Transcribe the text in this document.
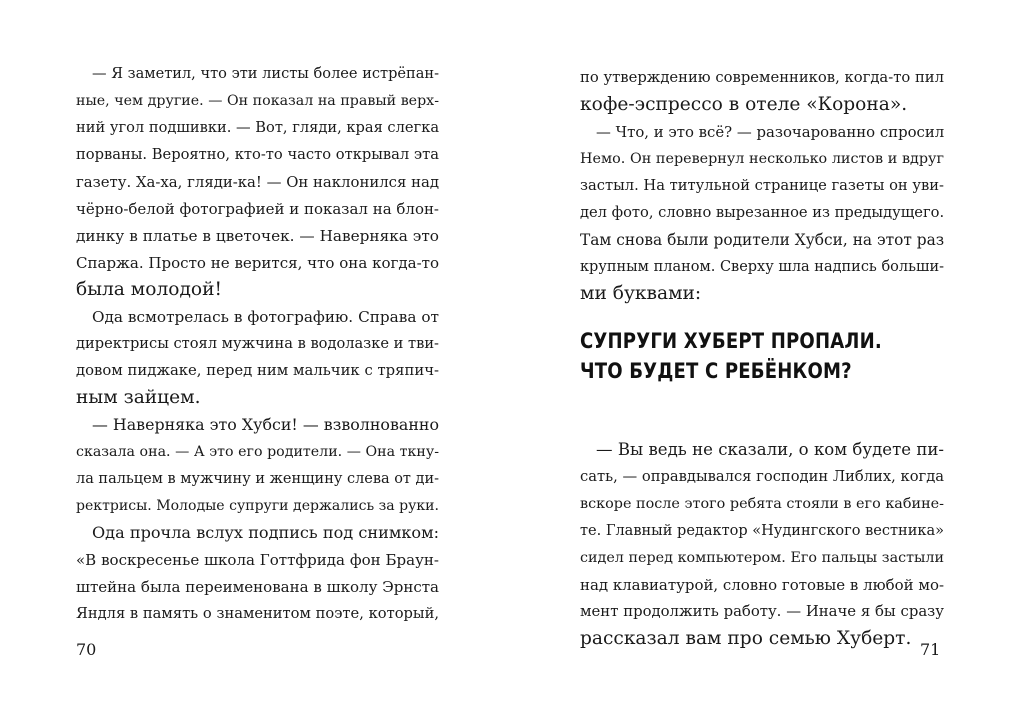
— Я заметил, что эти листы более истрёпан-
ные, чем другие. — Он показал на правый верх-
ний угол подшивки. — Вот, гляди, края слегка
порваны. Вероятно, кто-то часто открывал эта
газету. Ха-ха, гляди-ка! — Он наклонился над
чёрно-белой фотографией и показал на блон-
динку в платье в цветочек. — Наверняка это
Спаржа. Просто не верится, что она когда-то
была молодой!
Ода всмотрелась в фотографию. Справа от
директрисы стоял мужчина в водолазке и тви-
довом пиджаке, перед ним мальчик с тряпич-
ным зайцем.
— Наверняка это Хубси! — взволнованно
сказала она. — А это его родители. — Она ткну-
ла пальцем в мужчину и женщину слева от ди-
ректрисы. Молодые супруги держались за руки.
Ода прочла вслух подпись под снимком:
«В воскресенье школа Готтфрида фон Браун-
штейна была переименована в школу Эрнста
Яндля в память о знаменитом поэте, который,
70
по утверждению современников, когда-то пил
кофе-эспрессо в отеле «Корона».
— Что, и это всё? — разочарованно спросил
Немо. Он перевернул несколько листов и вдруг
застыл. На титульной странице газеты он уви-
дел фото, словно вырезанное из предыдущего.
Там снова были родители Хубси, на этот раз
крупным планом. Сверху шла надпись больши-
ми буквами:
СУПРУГИ ХУБЕРТ ПРОПАЛИ.
ЧТО БУДЕТ С РЕБЁНКОМ?
— Вы ведь не сказали, о ком будете пи-
сать, — оправдывался господин Либлих, когда
вскоре после этого ребята стояли в его кабине-
те. Главный редактор «Нудингского вестника»
сидел перед компьютером. Его пальцы застыли
над клавиатурой, словно готовые в любой мо-
мент продолжить работу. — Иначе я бы сразу
рассказал вам про семью Хуберт.
71
